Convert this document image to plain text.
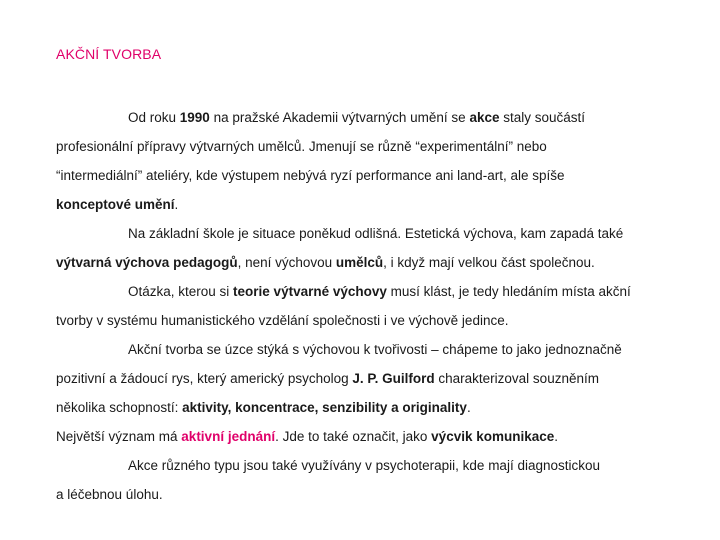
AKČNÍ TVORBA
Od roku 1990 na pražské Akademii výtvarných umění se akce staly součástí
profesionální přípravy výtvarných umělců. Jmenují se různě “experimentální” nebo
“intermediální” ateliéry, kde výstupem nebývá ryzí performance ani land-art, ale spíše
konceptové umění.
Na základní škole je situace poněkud odlišná. Estetická výchova, kam zapadá také
výtvarná výchova pedagogů, není výchovou umělců, i když mají velkou část společnou.
Otázka, kterou si teorie výtvarné výchovy musí klást, je tedy hledáním místa akční
tvorby v systému humanistického vzdělání společnosti i ve výchově jedince.
Akční tvorba se úzce stýká s výchovou k tvořivosti – chápeme to jako jednoznačně
pozitivní a žádoucí rys, který americký psycholog J. P. Guilford charakterizoval souzněním
několika schopností: aktivity, koncentrace, senzibility a originality.
Největší význam má aktivní jednání. Jde to také označit, jako výcvik komunikace.
Akce různého typu jsou také využívány v psychoterapii, kde mají diagnostickou
a léčebnou úlohu.
